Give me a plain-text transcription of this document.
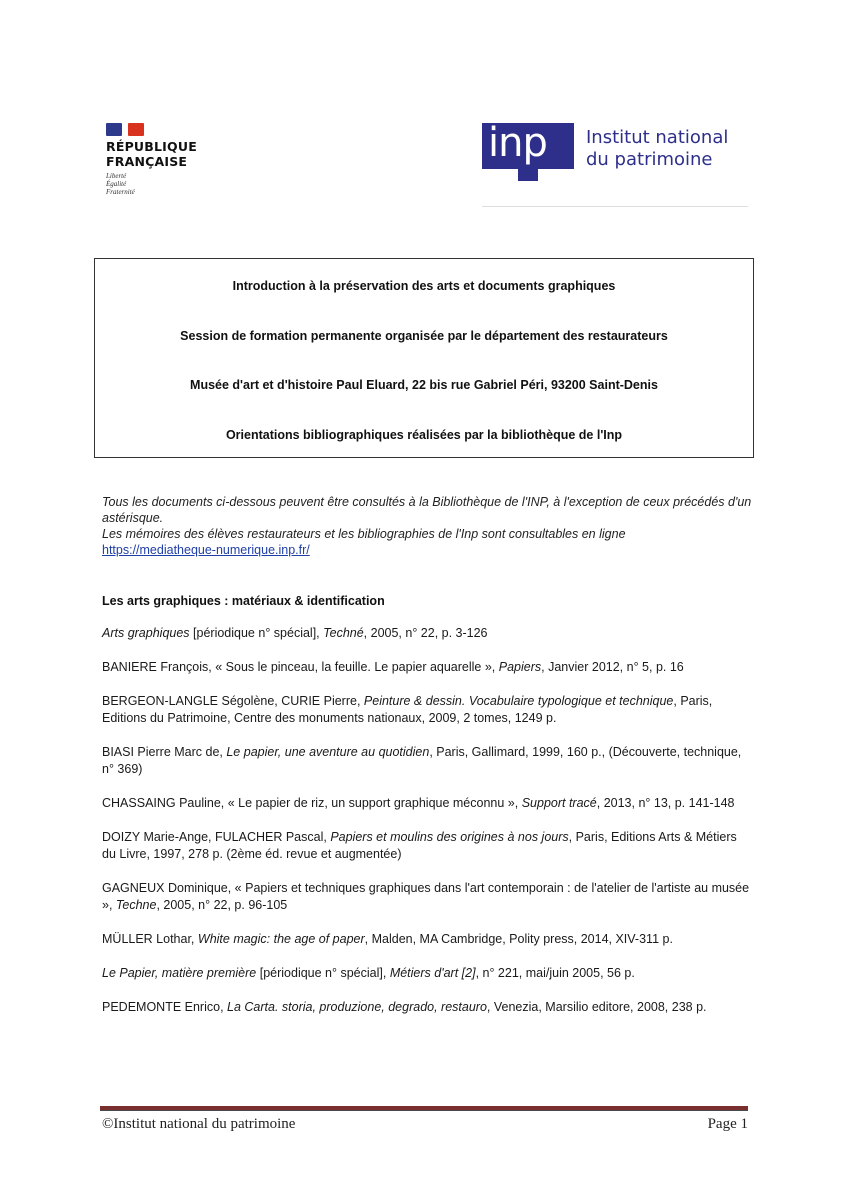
RÉPUBLIQUE
FRANÇAISE
Liberté
Égalité
Fraternité
inp Institut national
du patrimoine
Introduction à la préservation des arts et documents graphiques
Session de formation permanente organisée par le département des restaurateurs
Musée d'art et d'histoire Paul Eluard, 22 bis rue Gabriel Péri, 93200 Saint-Denis
Orientations bibliographiques réalisées par la bibliothèque de l'Inp
Tous les documents ci-dessous peuvent être consultés à la Bibliothèque de l'INP, à l'exception de ceux précédés d'un astérisque.
Les mémoires des élèves restaurateurs et les bibliographies de l'Inp sont consultables en ligne
https://mediatheque-numerique.inp.fr/
Les arts graphiques : matériaux & identification
Arts graphiques [périodique n° spécial], Techné, 2005, n° 22, p. 3-126
BANIERE François, « Sous le pinceau, la feuille. Le papier aquarelle », Papiers, Janvier 2012, n° 5, p. 16
BERGEON-LANGLE Ségolène, CURIE Pierre, Peinture & dessin. Vocabulaire typologique et technique, Paris, Editions du Patrimoine, Centre des monuments nationaux, 2009, 2 tomes, 1249 p.
BIASI Pierre Marc de, Le papier, une aventure au quotidien, Paris, Gallimard, 1999, 160 p., (Découverte, technique, n° 369)
CHASSAING Pauline, « Le papier de riz, un support graphique méconnu », Support tracé, 2013, n° 13, p. 141-148
DOIZY Marie-Ange, FULACHER Pascal, Papiers et moulins des origines à nos jours, Paris, Editions Arts & Métiers du Livre, 1997, 278 p. (2ème éd. revue et augmentée)
GAGNEUX Dominique, « Papiers et techniques graphiques dans l'art contemporain : de l'atelier de l'artiste au musée », Techne, 2005, n° 22, p. 96-105
MÜLLER Lothar, White magic: the age of paper, Malden, MA Cambridge, Polity press, 2014, XIV-311 p.
Le Papier, matière première [périodique n° spécial], Métiers d'art [2], n° 221, mai/juin 2005, 56 p.
PEDEMONTE Enrico, La Carta. storia, produzione, degrado, restauro, Venezia, Marsilio editore, 2008, 238 p.
©Institut national du patrimoine	Page 1
